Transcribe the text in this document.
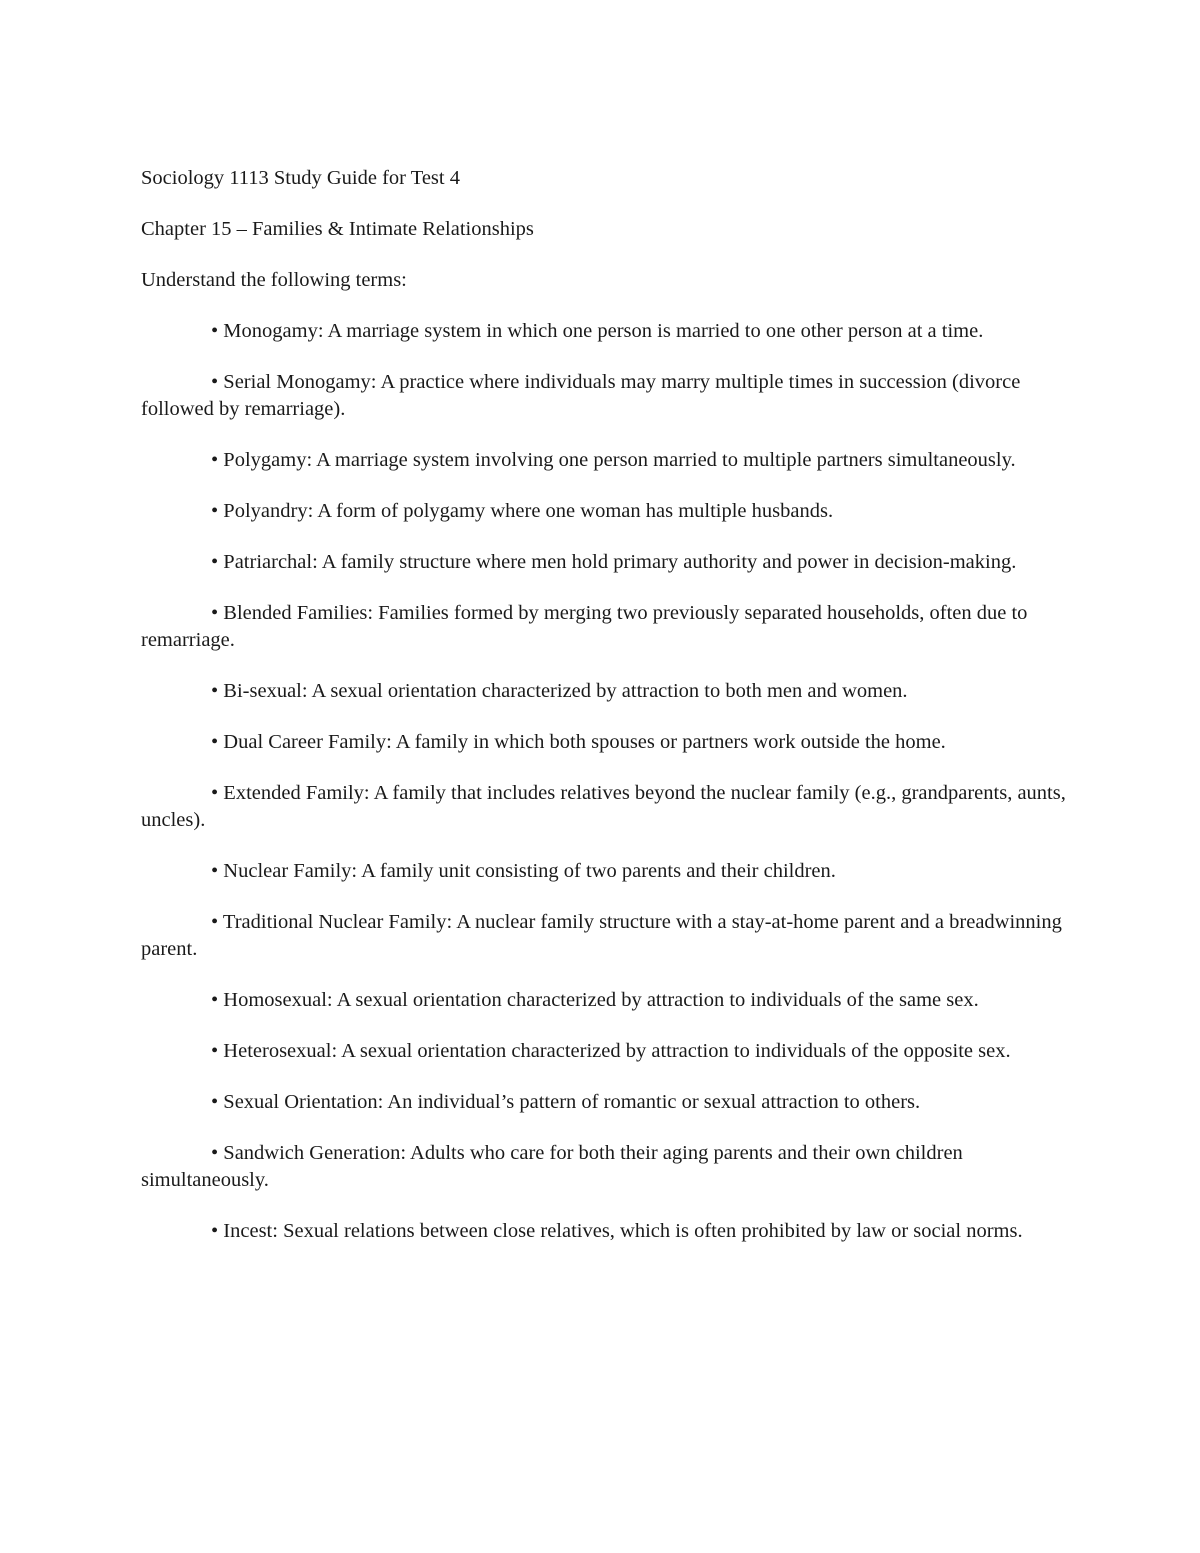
Sociology 1113 Study Guide for Test 4

Chapter 15 – Families & Intimate Relationships

Understand the following terms:

• Monogamy: A marriage system in which one person is married to one other person at a time.

• Serial Monogamy: A practice where individuals may marry multiple times in succession (divorce followed by remarriage).

• Polygamy: A marriage system involving one person married to multiple partners simultaneously.

• Polyandry: A form of polygamy where one woman has multiple husbands.

• Patriarchal: A family structure where men hold primary authority and power in decision-making.

• Blended Families: Families formed by merging two previously separated households, often due to remarriage.

• Bi-sexual: A sexual orientation characterized by attraction to both men and women.

• Dual Career Family: A family in which both spouses or partners work outside the home.

• Extended Family: A family that includes relatives beyond the nuclear family (e.g., grandparents, aunts, uncles).

• Nuclear Family: A family unit consisting of two parents and their children.

• Traditional Nuclear Family: A nuclear family structure with a stay-at-home parent and a breadwinning parent.

• Homosexual: A sexual orientation characterized by attraction to individuals of the same sex.

• Heterosexual: A sexual orientation characterized by attraction to individuals of the opposite sex.

• Sexual Orientation: An individual’s pattern of romantic or sexual attraction to others.

• Sandwich Generation: Adults who care for both their aging parents and their own children simultaneously.

• Incest: Sexual relations between close relatives, which is often prohibited by law or social norms.
